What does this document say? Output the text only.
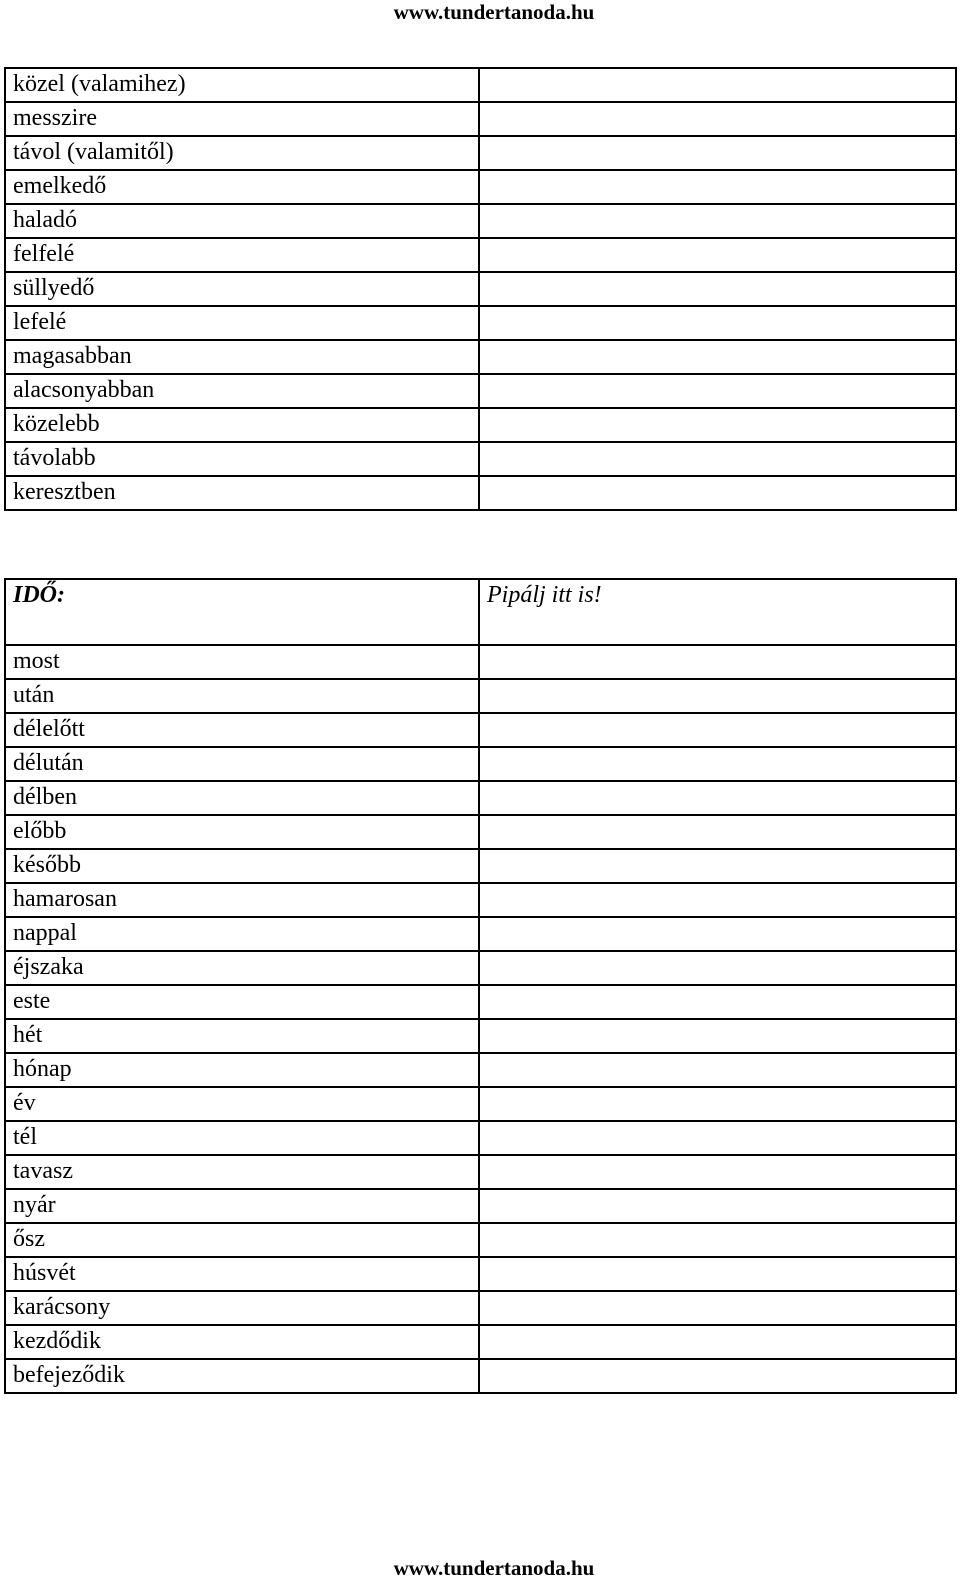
www.tundertanoda.hu
közel (valamihez)	
messzire	
távol (valamitől)	
emelkedő	
haladó	
felfelé	
süllyedő	
lefelé	
magasabban	
alacsonyabban	
közelebb	
távolabb	
keresztben	
IDŐ:	Pipálj itt is!
most	
után	
délelőtt	
délután	
délben	
előbb	
később	
hamarosan	
nappal	
éjszaka	
este	
hét	
hónap	
év	
tél	
tavasz	
nyár	
ősz	
húsvét	
karácsony	
kezdődik	
befejeződik	
www.tundertanoda.hu
